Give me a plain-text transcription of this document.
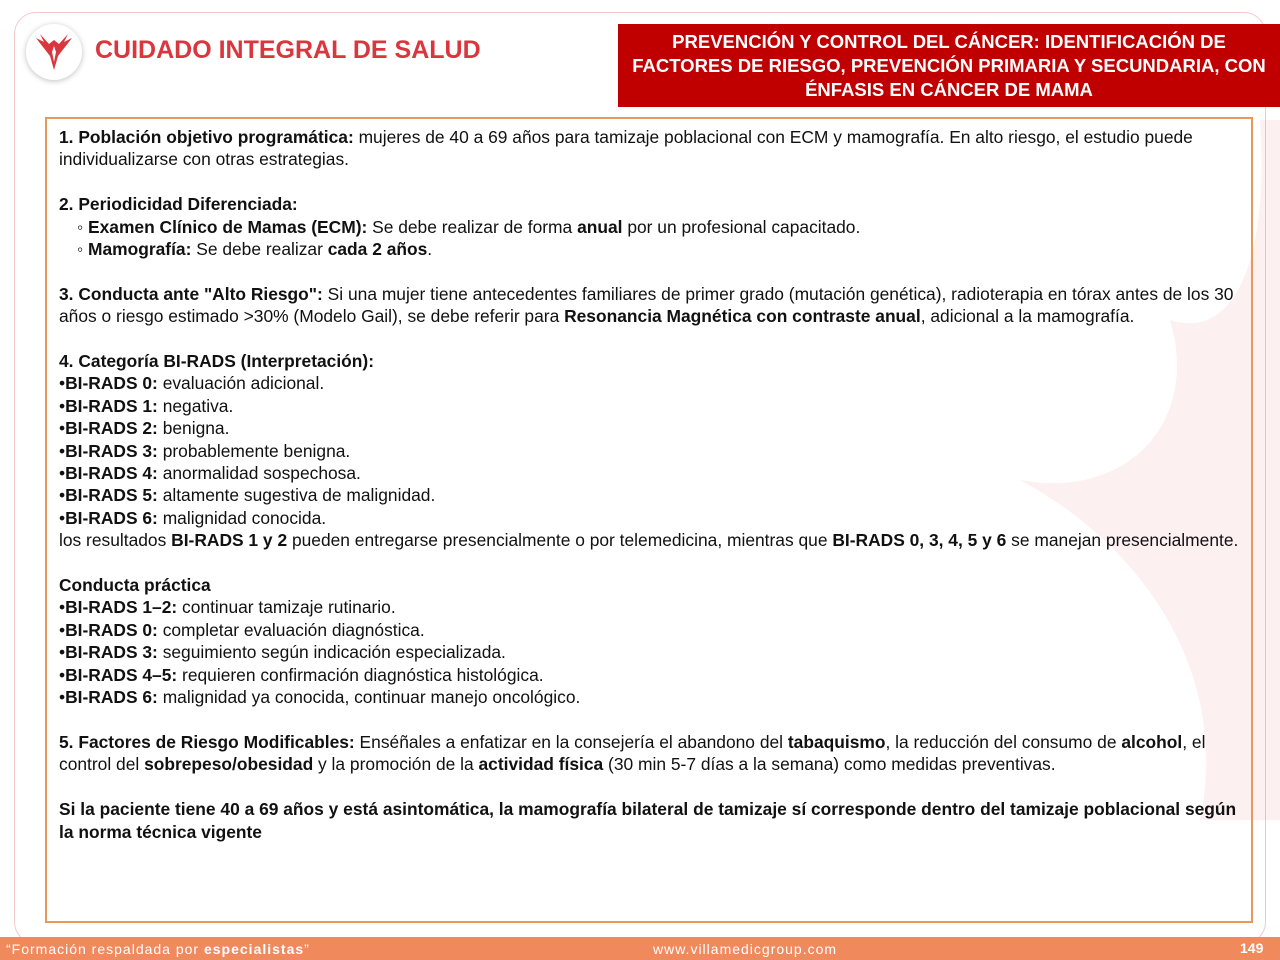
CUIDADO INTEGRAL DE SALUD	PREVENCIÓN Y CONTROL DEL CÁNCER: IDENTIFICACIÓN DE FACTORES DE RIESGO, PREVENCIÓN PRIMARIA Y SECUNDARIA, CON ÉNFASIS EN CÁNCER DE MAMA

1. Población objetivo programática: mujeres de 40 a 69 años para tamizaje poblacional con ECM y mamografía. En alto riesgo, el estudio puede individualizarse con otras estrategias.

2. Periodicidad Diferenciada:

◦ Examen Clínico de Mamas (ECM): Se debe realizar de forma anual por un profesional capacitado.

◦ Mamografía: Se debe realizar cada 2 años.

3. Conducta ante "Alto Riesgo": Si una mujer tiene antecedentes familiares de primer grado (mutación genética), radioterapia en tórax antes de los 30 años o riesgo estimado >30% (Modelo Gail), se debe referir para Resonancia Magnética con contraste anual, adicional a la mamografía.

4. Categoría BI-RADS (Interpretación):

•BI-RADS 0: evaluación adicional.

•BI-RADS 1: negativa.

•BI-RADS 2: benigna.

•BI-RADS 3: probablemente benigna.

•BI-RADS 4: anormalidad sospechosa.

•BI-RADS 5: altamente sugestiva de malignidad.

•BI-RADS 6: malignidad conocida.

los resultados BI-RADS 1 y 2 pueden entregarse presencialmente o por telemedicina, mientras que BI-RADS 0, 3, 4, 5 y 6 se manejan presencialmente.

Conducta práctica

•BI-RADS 1–2: continuar tamizaje rutinario.

•BI-RADS 0: completar evaluación diagnóstica.

•BI-RADS 3: seguimiento según indicación especializada.

•BI-RADS 4–5: requieren confirmación diagnóstica histológica.

•BI-RADS 6: malignidad ya conocida, continuar manejo oncológico.

5. Factores de Riesgo Modificables: Enséñales a enfatizar en la consejería el abandono del tabaquismo, la reducción del consumo de alcohol, el control del sobrepeso/obesidad y la promoción de la actividad física (30 min 5-7 días a la semana) como medidas preventivas.

Si la paciente tiene 40 a 69 años y está asintomática, la mamografía bilateral de tamizaje sí corresponde dentro del tamizaje poblacional según la norma técnica vigente

“Formación respaldada por especialistas”	www.villamedicgroup.com	149
